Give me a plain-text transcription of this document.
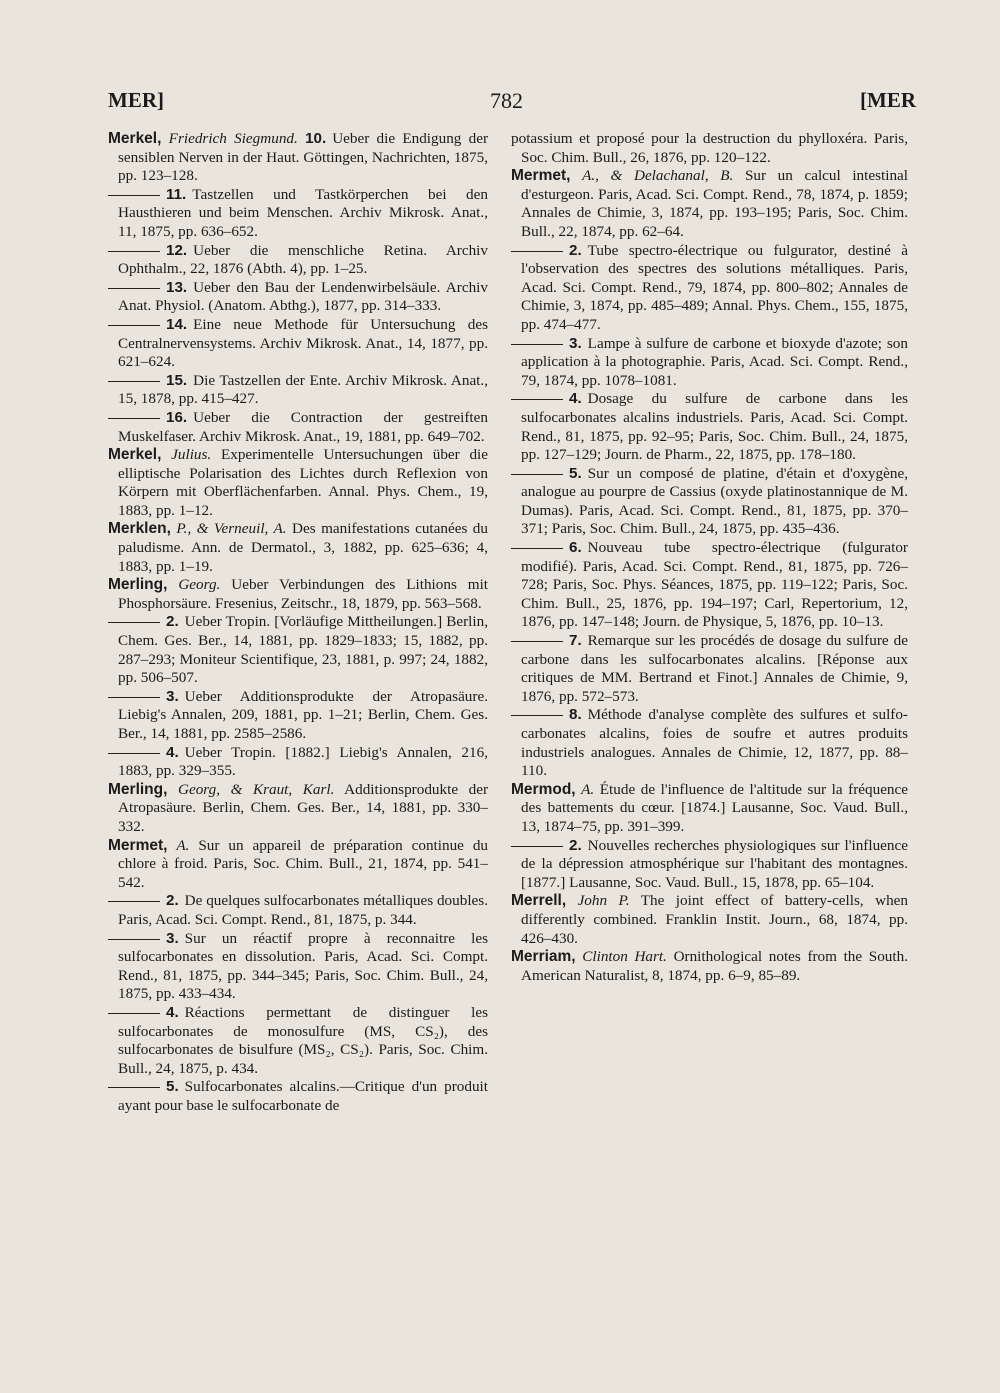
MER]	782	[MER
Merkel, Friedrich Siegmund. 10. Ueber die Endigung der sensiblen Nerven in der Haut. Göttingen, Nachrichten, 1875, pp. 123–128.
11. Tastzellen und Tastkörperchen bei den Hausthieren und beim Menschen. Archiv Mikrosk. Anat., 11, 1875, pp. 636–652.
12. Ueber die menschliche Retina. Archiv Ophthalm., 22, 1876 (Abth. 4), pp. 1–25.
13. Ueber den Bau der Lendenwirbelsäule. Archiv Anat. Physiol. (Anatom. Abthg.), 1877, pp. 314–333.
14. Eine neue Methode für Untersuchung des Centralnervensystems. Archiv Mikrosk. Anat., 14, 1877, pp. 621–624.
15. Die Tastzellen der Ente. Archiv Mikrosk. Anat., 15, 1878, pp. 415–427.
16. Ueber die Contraction der gestreiften Muskelfaser. Archiv Mikrosk. Anat., 19, 1881, pp. 649–702.
Merkel, Julius. Experimentelle Untersuchungen über die elliptische Polarisation des Lichtes durch Reflexion von Körpern mit Oberflächenfarben. Annal. Phys. Chem., 19, 1883, pp. 1–12.
Merklen, P., & Verneuil, A. Des manifestations cutanées du paludisme. Ann. de Dermatol., 3, 1882, pp. 625–636; 4, 1883, pp. 1–19.
Merling, Georg. Ueber Verbindungen des Lithions mit Phosphorsäure. Fresenius, Zeitschr., 18, 1879, pp. 563–568.
2. Ueber Tropin. [Vorläufige Mittheilungen.] Berlin, Chem. Ges. Ber., 14, 1881, pp. 1829–1833; 15, 1882, pp. 287–293; Moniteur Scientifique, 23, 1881, p. 997; 24, 1882, pp. 506–507.
3. Ueber Additionsprodukte der Atropasäure. Liebig's Annalen, 209, 1881, pp. 1–21; Berlin, Chem. Ges. Ber., 14, 1881, pp. 2585–2586.
4. Ueber Tropin. [1882.] Liebig's Annalen, 216, 1883, pp. 329–355.
Merling, Georg, & Kraut, Karl. Additionsprodukte der Atropasäure. Berlin, Chem. Ges. Ber., 14, 1881, pp. 330–332.
Mermet, A. Sur un appareil de préparation continue du chlore à froid. Paris, Soc. Chim. Bull., 21, 1874, pp. 541–542.
2. De quelques sulfocarbonates métalliques doubles. Paris, Acad. Sci. Compt. Rend., 81, 1875, p. 344.
3. Sur un réactif propre à reconnaitre les sulfocarbonates en dissolution. Paris, Acad. Sci. Compt. Rend., 81, 1875, pp. 344–345; Paris, Soc. Chim. Bull., 24, 1875, pp. 433–434.
4. Réactions permettant de distinguer les sulfocarbonates de monosulfure (MS, CS₂), des sulfocarbonates de bisulfure (MS₂, CS₂). Paris, Soc. Chim. Bull., 24, 1875, p. 434.
5. Sulfocarbonates alcalins.—Critique d'un produit ayant pour base le sulfocarbonate de
potassium et proposé pour la destruction du phylloxéra. Paris, Soc. Chim. Bull., 26, 1876, pp. 120–122.
Mermet, A., & Delachanal, B. Sur un calcul intestinal d'esturgeon. Paris, Acad. Sci. Compt. Rend., 78, 1874, p. 1859; Annales de Chimie, 3, 1874, pp. 193–195; Paris, Soc. Chim. Bull., 22, 1874, pp. 62–64.
2. Tube spectro-électrique ou fulgurator, destiné à l'observation des spectres des solutions métalliques. Paris, Acad. Sci. Compt. Rend., 79, 1874, pp. 800–802; Annales de Chimie, 3, 1874, pp. 485–489; Annal. Phys. Chem., 155, 1875, pp. 474–477.
3. Lampe à sulfure de carbone et bioxyde d'azote; son application à la photographie. Paris, Acad. Sci. Compt. Rend., 79, 1874, pp. 1078–1081.
4. Dosage du sulfure de carbone dans les sulfocarbonates alcalins industriels. Paris, Acad. Sci. Compt. Rend., 81, 1875, pp. 92–95; Paris, Soc. Chim. Bull., 24, 1875, pp. 127–129; Journ. de Pharm., 22, 1875, pp. 178–180.
5. Sur un composé de platine, d'étain et d'oxygène, analogue au pourpre de Cassius (oxyde platinostannique de M. Dumas). Paris, Acad. Sci. Compt. Rend., 81, 1875, pp. 370–371; Paris, Soc. Chim. Bull., 24, 1875, pp. 435–436.
6. Nouveau tube spectro-électrique (fulgurator modifié). Paris, Acad. Sci. Compt. Rend., 81, 1875, pp. 726–728; Paris, Soc. Phys. Séances, 1875, pp. 119–122; Paris, Soc. Chim. Bull., 25, 1876, pp. 194–197; Carl, Repertorium, 12, 1876, pp. 147–148; Journ. de Physique, 5, 1876, pp. 10–13.
7. Remarque sur les procédés de dosage du sulfure de carbone dans les sulfocarbonates alcalins. [Réponse aux critiques de MM. Bertrand et Finot.] Annales de Chimie, 9, 1876, pp. 572–573.
8. Méthode d'analyse complète des sulfures et sulfo-carbonates alcalins, foies de soufre et autres produits industriels analogues. Annales de Chimie, 12, 1877, pp. 88–110.
Mermod, A. Étude de l'influence de l'altitude sur la fréquence des battements du cœur. [1874.] Lausanne, Soc. Vaud. Bull., 13, 1874–75, pp. 391–399.
2. Nouvelles recherches physiologiques sur l'influence de la dépression atmosphérique sur l'habitant des montagnes. [1877.] Lausanne, Soc. Vaud. Bull., 15, 1878, pp. 65–104.
Merrell, John P. The joint effect of battery-cells, when differently combined. Franklin Instit. Journ., 68, 1874, pp. 426–430.
Merriam, Clinton Hart. Ornithological notes from the South. American Naturalist, 8, 1874, pp. 6–9, 85–89.
